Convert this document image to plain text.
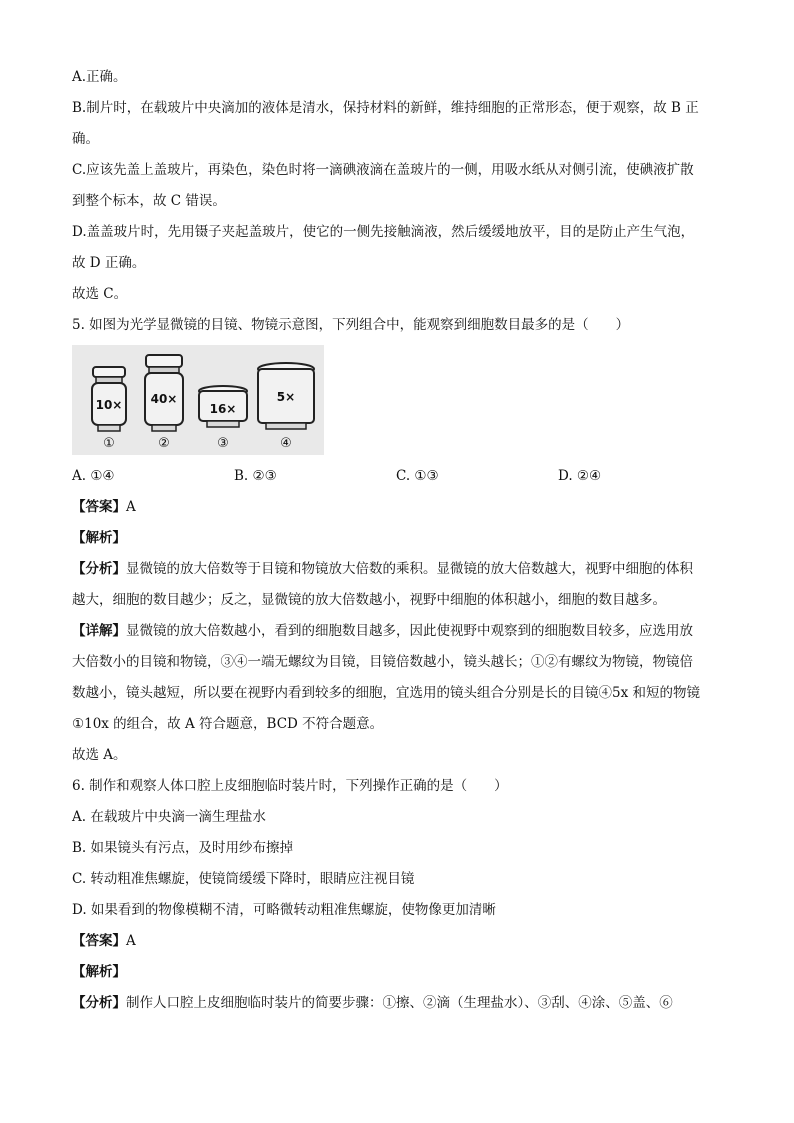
A.正确。
B.制片时，在载玻片中央滴加的液体是清水，保持材料的新鲜，维持细胞的正常形态，便于观察，故 B 正
确。
C.应该先盖上盖玻片，再染色，染色时将一滴碘液滴在盖玻片的一侧，用吸水纸从对侧引流，使碘液扩散
到整个标本，故 C 错误。
D.盖盖玻片时，先用镊子夹起盖玻片，使它的一侧先接触滴液，然后缓缓地放平，目的是防止产生气泡，
故 D 正确。
故选 C。
5. 如图为光学显微镜的目镜、物镜示意图，下列组合中，能观察到细胞数目最多的是（　　）
10×
①
40×
②
16×
③
5×
④
A. ①④	B. ②③	C. ①③	D. ②④
【答案】A
【解析】
【分析】显微镜的放大倍数等于目镜和物镜放大倍数的乘积。显微镜的放大倍数越大，视野中细胞的体积
越大，细胞的数目越少；反之，显微镜的放大倍数越小，视野中细胞的体积越小，细胞的数目越多。
【详解】显微镜的放大倍数越小，看到的细胞数目越多，因此使视野中观察到的细胞数目较多，应选用放
大倍数小的目镜和物镜，③④一端无螺纹为目镜，目镜倍数越小，镜头越长；①②有螺纹为物镜，物镜倍
数越小，镜头越短，所以要在视野内看到较多的细胞，宜选用的镜头组合分别是长的目镜④5x 和短的物镜
①10x 的组合，故 A 符合题意，BCD 不符合题意。
故选 A。
6. 制作和观察人体口腔上皮细胞临时装片时，下列操作正确的是（　　）
A. 在载玻片中央滴一滴生理盐水
B. 如果镜头有污点，及时用纱布擦掉
C. 转动粗准焦螺旋，使镜筒缓缓下降时，眼睛应注视目镜
D. 如果看到的物像模糊不清，可略微转动粗准焦螺旋，使物像更加清晰
【答案】A
【解析】
【分析】制作人口腔上皮细胞临时装片的简要步骤：①擦、②滴（生理盐水）、③刮、④涂、⑤盖、⑥
